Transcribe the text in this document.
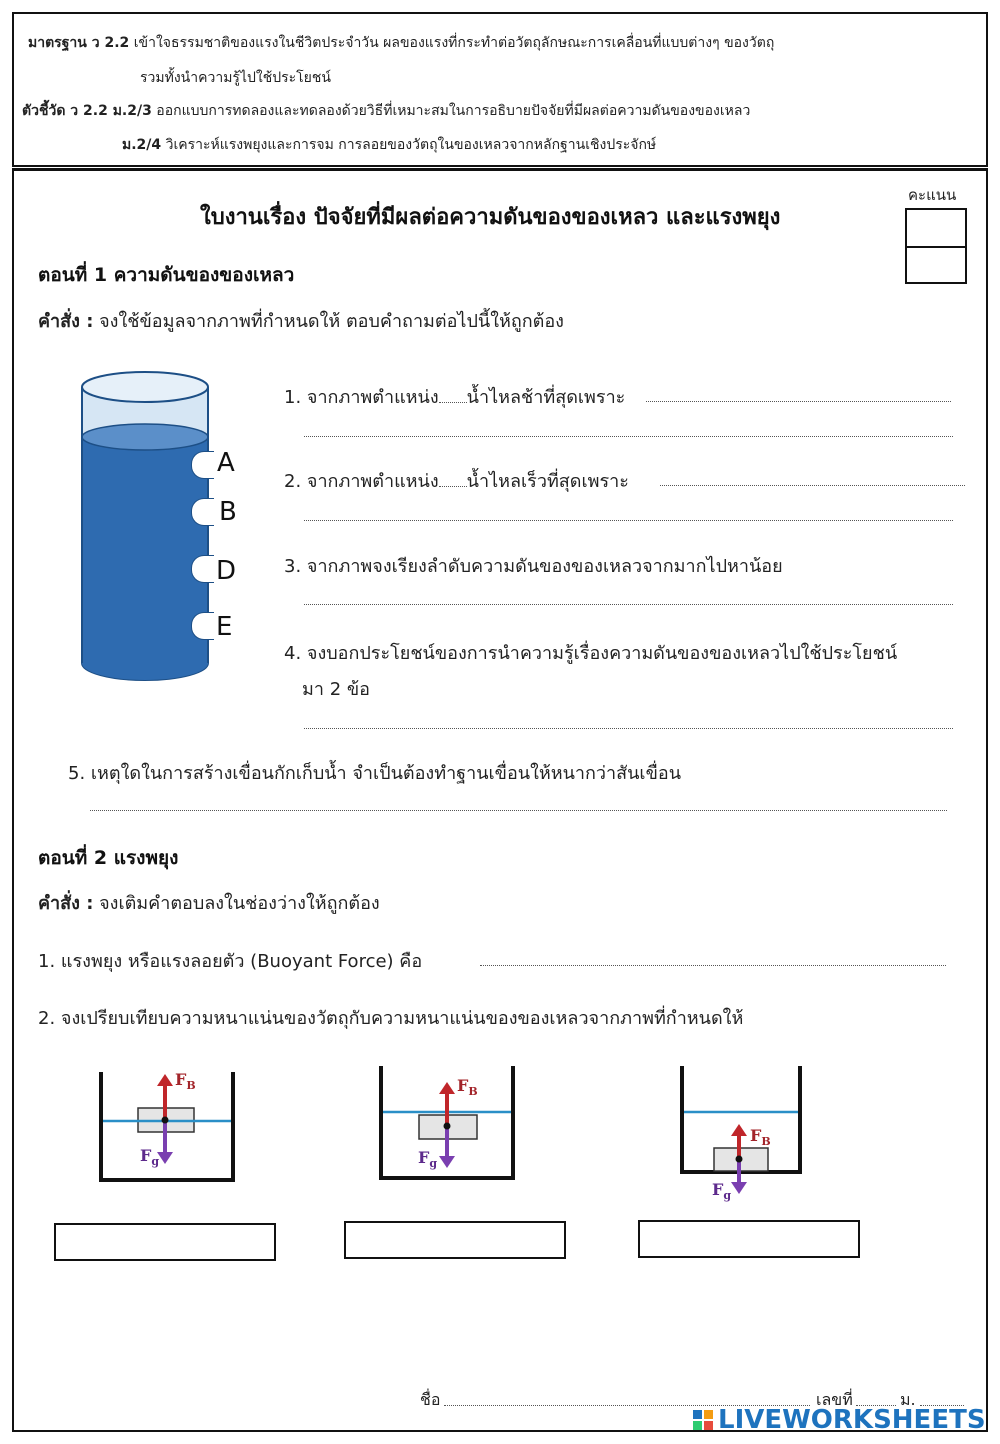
มาตรฐาน ว 2.2 เข้าใจธรรมชาติของแรงในชีวิตประจำวัน ผลของแรงที่กระทำต่อวัตถุลักษณะการเคลื่อนที่แบบต่างๆ ของวัตถุ
รวมทั้งนำความรู้ไปใช้ประโยชน์
ตัวชี้วัด ว 2.2 ม.2/3 ออกแบบการทดลองและทดลองด้วยวิธีที่เหมาะสมในการอธิบายปัจจัยที่มีผลต่อความดันของของเหลว
ม.2/4 วิเคราะห์แรงพยุงและการจม การลอยของวัตถุในของเหลวจากหลักฐานเชิงประจักษ์
คะแนน
ใบงานเรื่อง ปัจจัยที่มีผลต่อความดันของของเหลว และแรงพยุง
ตอนที่ 1 ความดันของของเหลว
คำสั่ง : จงใช้ข้อมูลจากภาพที่กำหนดให้ ตอบคำถามต่อไปนี้ให้ถูกต้อง
A
B
D
E
1. จากภาพตำแหน่ง น้ำไหลช้าที่สุดเพราะ
2. จากภาพตำแหน่ง น้ำไหลเร็วที่สุดเพราะ
3. จากภาพจงเรียงลำดับความดันของของเหลวจากมากไปหาน้อย
4. จงบอกประโยชน์ของการนำความรู้เรื่องความดันของของเหลวไปใช้ประโยชน์
มา 2 ข้อ
5. เหตุใดในการสร้างเขื่อนกักเก็บน้ำ จำเป็นต้องทำฐานเขื่อนให้หนากว่าสันเขื่อน
ตอนที่ 2 แรงพยุง
คำสั่ง : จงเติมคำตอบลงในช่องว่างให้ถูกต้อง
1. แรงพยุง หรือแรงลอยตัว (Buoyant Force) คือ
2. จงเปรียบเทียบความหนาแน่นของวัตถุกับความหนาแน่นของของเหลวจากภาพที่กำหนดให้
$F_B$
$F_g$
$F_B$
$F_g$
$F_B$
$F_g$
ชื่อ	เลขที่	ม.
LIVEWORKSHEETS
